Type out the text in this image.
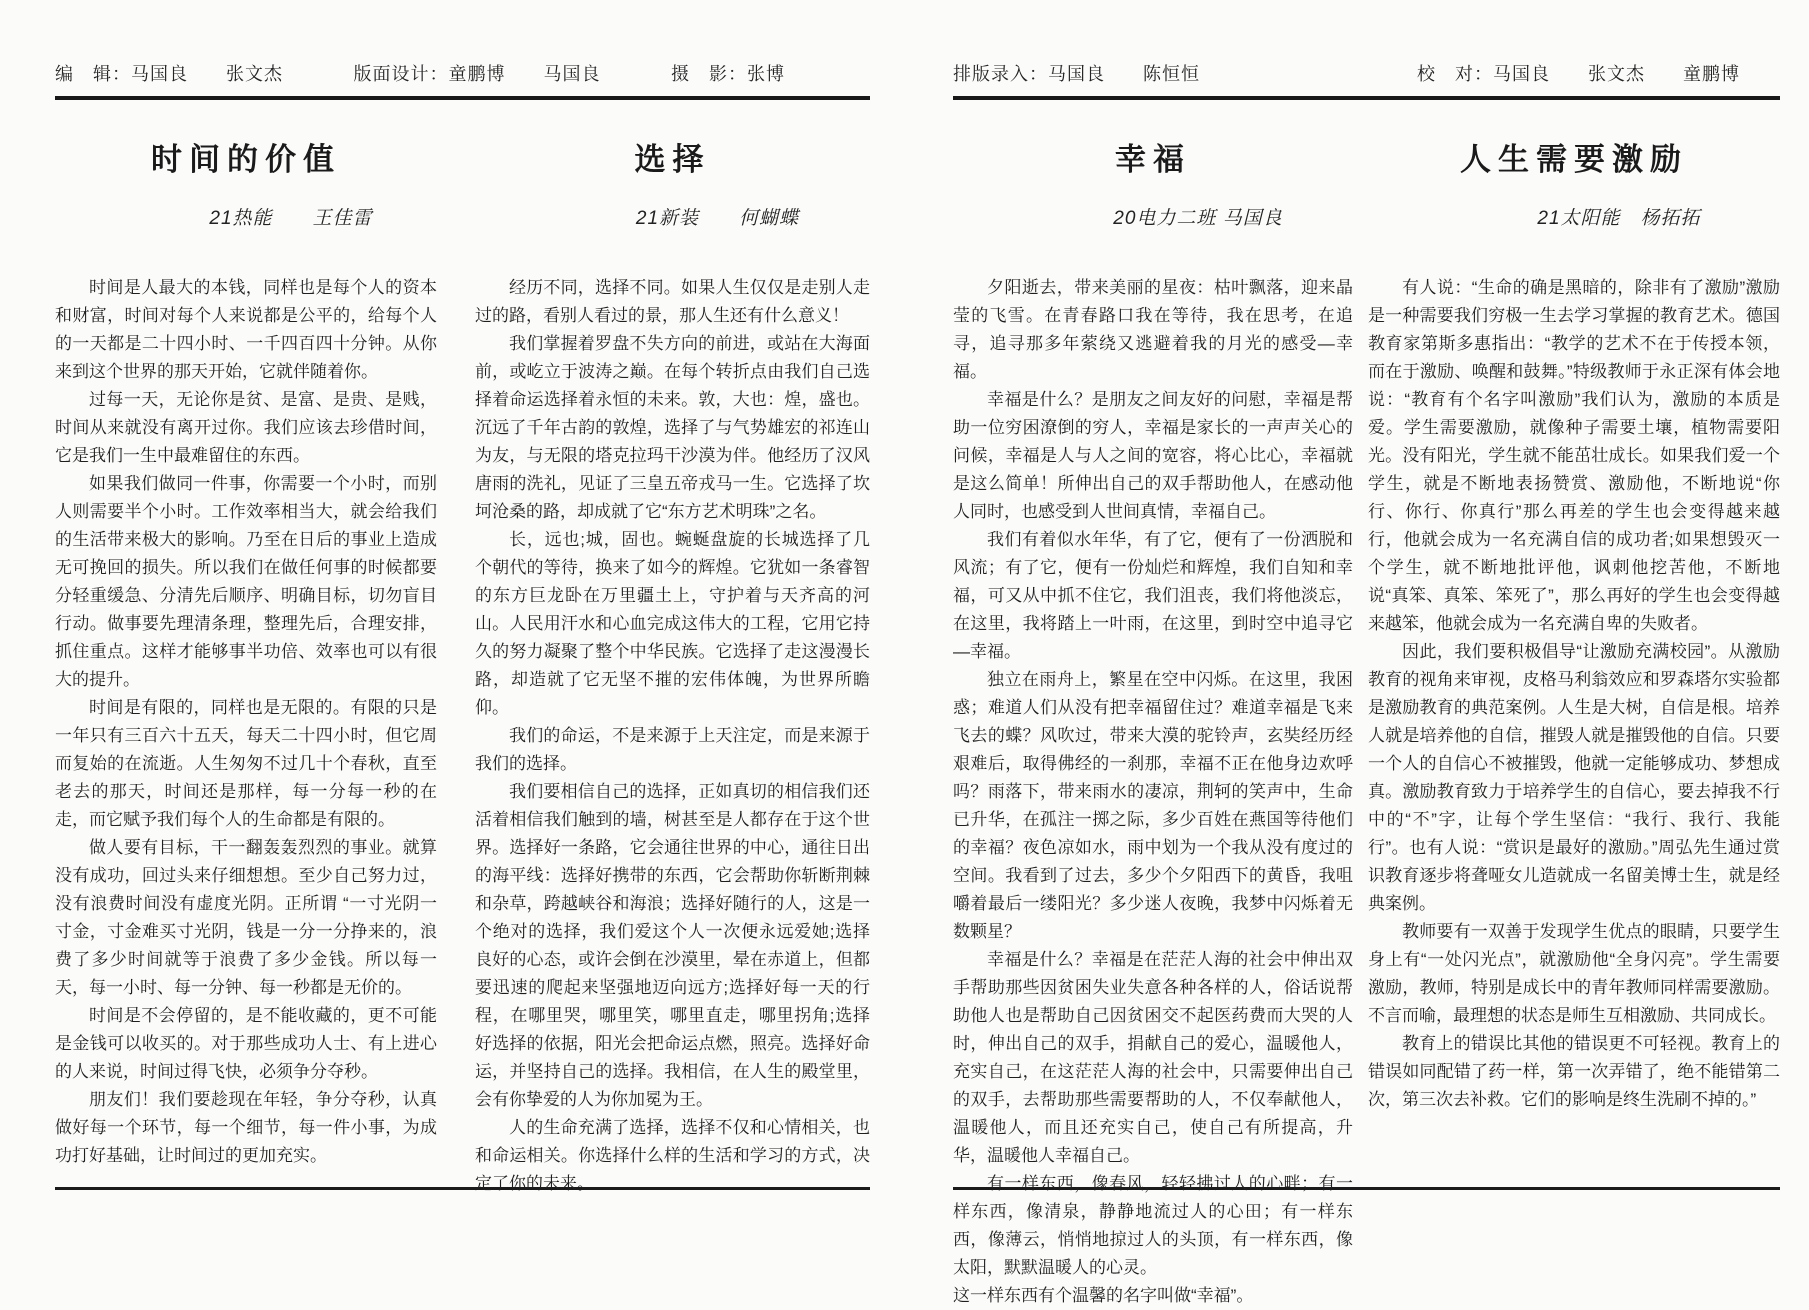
编　辑：马国良　　张文杰	版面设计：童鹏博　　马国良	摄　影：张博
时间的价值
21热能　　王佳雷

时间是人最大的本钱，同样也是每个人的资本和财富，时间对每个人来说都是公平的，给每个人的一天都是二十四小时、一千四百四十分钟。从你来到这个世界的那天开始，它就伴随着你。

过每一天，无论你是贫、是富、是贵、是贱，时间从来就没有离开过你。我们应该去珍借时间，它是我们一生中最难留住的东西。

如果我们做同一件事，你需要一个小时，而别人则需要半个小时。工作效率相当大，就会给我们的生活带来极大的影响。乃至在日后的事业上造成无可挽回的损失。所以我们在做任何事的时候都要分轻重缓急、分清先后顺序、明确目标，切勿盲目行动。做事要先理清条理，整理先后，合理安排，抓住重点。这样才能够事半功倍、效率也可以有很大的提升。

时间是有限的，同样也是无限的。有限的只是一年只有三百六十五天，每天二十四小时，但它周而复始的在流逝。人生匆匆不过几十个春秋，直至老去的那天，时间还是那样，每一分每一秒的在走，而它赋予我们每个人的生命都是有限的。

做人要有目标，干一翻轰轰烈烈的事业。就算没有成功，回过头来仔细想想。至少自己努力过，没有浪费时间没有虚度光阴。正所谓 “一寸光阴一寸金，寸金难买寸光阴，钱是一分一分挣来的，浪费了多少时间就等于浪费了多少金钱。所以每一天，每一小时、每一分钟、每一秒都是无价的。

时间是不会停留的，是不能收藏的，更不可能是金钱可以收买的。对于那些成功人士、有上进心的人来说，时间过得飞快，必须争分夺秒。

朋友们！我们要趁现在年轻，争分夺秒，认真做好每一个环节，每一个细节，每一件小事，为成功打好基础，让时间过的更加充实。

选择
21新装　　何蝴蝶

经历不同，选择不同。如果人生仅仅是走别人走过的路，看别人看过的景，那人生还有什么意义！

我们掌握着罗盘不失方向的前进，或站在大海面前，或屹立于波涛之巅。在每个转折点由我们自己选择着命运选择着永恒的未来。敦，大也：煌，盛也。沉远了千年古韵的敦煌，选择了与气势雄宏的祁连山为友，与无限的塔克拉玛干沙漠为伴。他经历了汉风唐雨的洗礼，见证了三皇五帝戎马一生。它选择了坎坷沧桑的路，却成就了它“东方艺术明珠”之名。

长，远也;城，固也。蜿蜒盘旋的长城选择了几个朝代的等待，换来了如今的辉煌。它犹如一条睿智的东方巨龙卧在万里疆土上，守护着与天齐高的河山。人民用汗水和心血完成这伟大的工程，它用它持久的努力凝聚了整个中华民族。它选择了走这漫漫长路，却造就了它无坚不摧的宏伟体魄，为世界所瞻仰。

我们的命运，不是来源于上天注定，而是来源于我们的选择。

我们要相信自己的选择，正如真切的相信我们还活着相信我们触到的墙，树甚至是人都存在于这个世界。选择好一条路，它会通往世界的中心，通往日出的海平线：选择好携带的东西，它会帮助你斩断荆棘和杂草，跨越峡谷和海浪；选择好随行的人，这是一个绝对的选择，我们爱这个人一次便永远爱她;选择良好的心态，或许会倒在沙漠里，晕在赤道上，但都要迅速的爬起来坚强地迈向远方;选择好每一天的行程，在哪里哭，哪里笑，哪里直走，哪里拐角;选择好选择的依据，阳光会把命运点燃，照亮。选择好命运，并坚持自己的选择。我相信，在人生的殿堂里，会有你挚爱的人为你加冕为王。

人的生命充满了选择，选择不仅和心情相关，也和命运相关。你选择什么样的生活和学习的方式，决定了你的未来。

排版录入：马国良　　陈恒恒	校　对：马国良　　张文杰　　童鹏博
幸福
20电力二班 马国良

夕阳逝去，带来美丽的星夜：枯叶飘落，迎来晶莹的飞雪。在青春路口我在等待，我在思考，在追寻，追寻那多年萦绕又逃避着我的月光的感受—幸福。

幸福是什么？是朋友之间友好的问慰，幸福是帮助一位穷困潦倒的穷人，幸福是家长的一声声关心的问候，幸福是人与人之间的宽容，将心比心，幸福就是这么简单！所伸出自己的双手帮助他人，在感动他人同时，也感受到人世间真情，幸福自己。

我们有着似水年华，有了它，便有了一份洒脱和风流；有了它，便有一份灿烂和辉煌，我们自知和幸福，可又从中抓不住它，我们沮丧，我们将他淡忘，在这里，我将踏上一叶雨，在这里，到时空中追寻它—幸福。

独立在雨舟上，繁星在空中闪烁。在这里，我困惑；难道人们从没有把幸福留住过？难道幸福是飞来飞去的蝶？风吹过，带来大漠的驼铃声，玄奘经历经艰难后，取得佛经的一刹那，幸福不正在他身边欢呼吗？雨落下，带来雨水的凄凉，荆轲的笑声中，生命已升华，在孤注一掷之际，多少百姓在燕国等待他们的幸福？夜色凉如水，雨中划为一个我从没有度过的空间。我看到了过去，多少个夕阳西下的黄昏，我咀嚼着最后一缕阳光？多少迷人夜晚，我梦中闪烁着无数颗星？

幸福是什么？幸福是在茫茫人海的社会中伸出双手帮助那些因贫困失业失意各种各样的人，俗话说帮助他人也是帮助自己因贫困交不起医药费而大哭的人时，伸出自己的双手，捐献自己的爱心，温暖他人，充实自己，在这茫茫人海的社会中，只需要伸出自己的双手，去帮助那些需要帮助的人，不仅奉献他人，温暖他人，而且还充实自己，使自己有所提高，升华，温暖他人幸福自己。

有一样东西，像春风，轻轻拂过人的心畔；有一样东西，像清泉，静静地流过人的心田；有一样东西，像薄云，悄悄地掠过人的头顶，有一样东西，像太阳，默默温暖人的心灵。

这一样东西有个温馨的名字叫做“幸福”。

人生需要激励
21太阳能　杨拓拓

有人说：“生命的确是黑暗的，除非有了激励”激励是一种需要我们穷极一生去学习掌握的教育艺术。德国教育家第斯多惠指出：“教学的艺术不在于传授本领，而在于激励、唤醒和鼓舞。”特级教师于永正深有体会地说：“教育有个名字叫激励”我们认为，激励的本质是爱。学生需要激励，就像种子需要土壤，植物需要阳光。没有阳光，学生就不能茁壮成长。如果我们爱一个学生，就是不断地表扬赞赏、激励他，不断地说“你行、你行、你真行”那么再差的学生也会变得越来越行，他就会成为一名充满自信的成功者;如果想毁灭一个学生，就不断地批评他，讽刺他挖苦他，不断地说“真笨、真笨、笨死了”，那么再好的学生也会变得越来越笨，他就会成为一名充满自卑的失败者。

因此，我们要积极倡导“让激励充满校园”。从激励教育的视角来审视，皮格马利翁效应和罗森塔尔实验都是激励教育的典范案例。人生是大树，自信是根。培养人就是培养他的自信，摧毁人就是摧毁他的自信。只要一个人的自信心不被摧毁，他就一定能够成功、梦想成真。激励教育致力于培养学生的自信心，要去掉我不行中的“不”字，让每个学生坚信：“我行、我行、我能行”。也有人说：“赏识是最好的激励。”周弘先生通过赏识教育逐步将聋哑女儿造就成一名留美博士生，就是经典案例。

教师要有一双善于发现学生优点的眼睛，只要学生身上有“一处闪光点”，就激励他“全身闪亮”。学生需要激励，教师，特别是成长中的青年教师同样需要激励。不言而喻，最理想的状态是师生互相激励、共同成长。

教育上的错误比其他的错误更不可轻视。教育上的错误如同配错了药一样，第一次弄错了，绝不能错第二次，第三次去补救。它们的影响是终生洗刷不掉的。”
